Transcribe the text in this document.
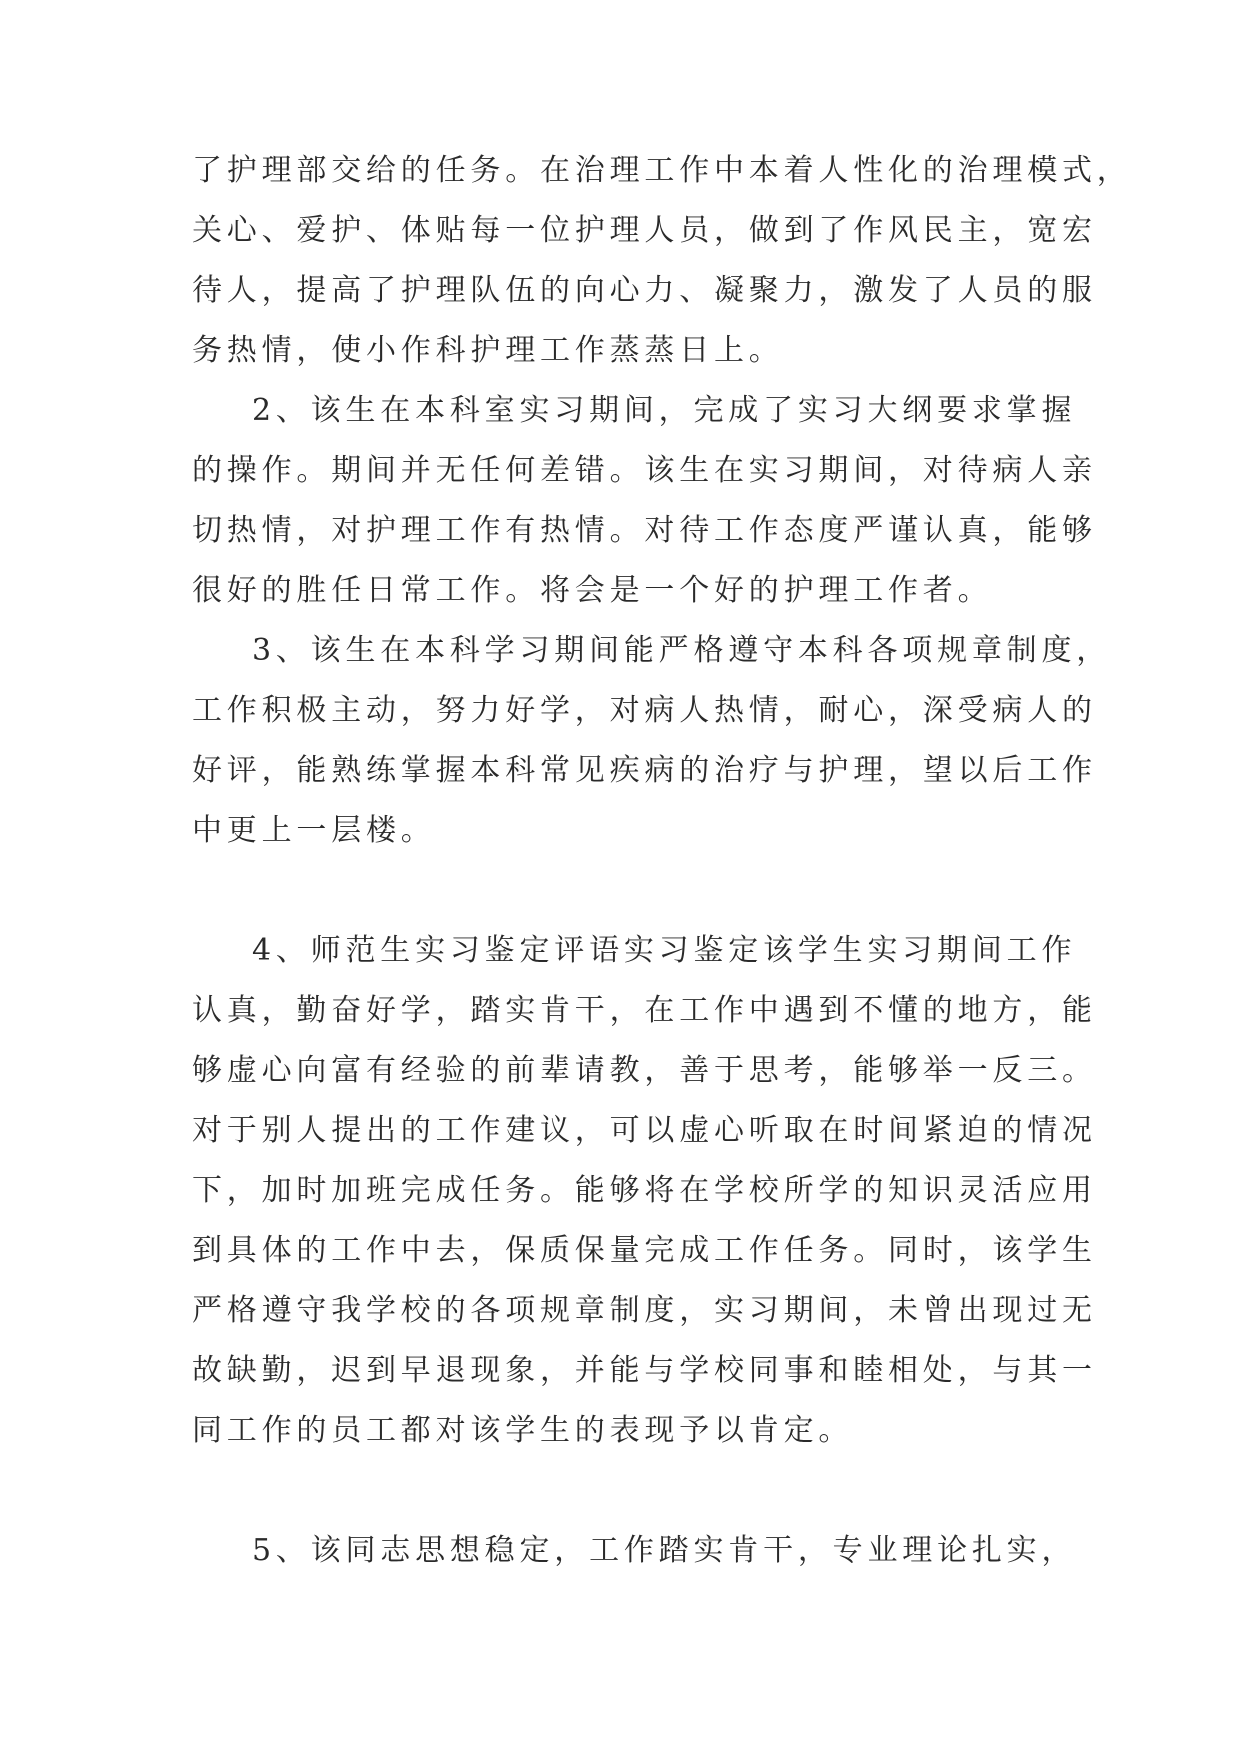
了护理部交给的任务。在治理工作中本着人性化的治理模式，

关心、爱护、体贴每一位护理人员，做到了作风民主，宽宏

待人，提高了护理队伍的向心力、凝聚力，激发了人员的服

务热情，使小作科护理工作蒸蒸日上。

2、该生在本科室实习期间，完成了实习大纲要求掌握

的操作。期间并无任何差错。该生在实习期间，对待病人亲

切热情，对护理工作有热情。对待工作态度严谨认真，能够

很好的胜任日常工作。将会是一个好的护理工作者。

3、该生在本科学习期间能严格遵守本科各项规章制度，

工作积极主动，努力好学，对病人热情，耐心，深受病人的

好评，能熟练掌握本科常见疾病的治疗与护理，望以后工作

中更上一层楼。

4、师范生实习鉴定评语实习鉴定该学生实习期间工作

认真，勤奋好学，踏实肯干，在工作中遇到不懂的地方，能

够虚心向富有经验的前辈请教，善于思考，能够举一反三。

对于别人提出的工作建议，可以虚心听取在时间紧迫的情况

下，加时加班完成任务。能够将在学校所学的知识灵活应用

到具体的工作中去，保质保量完成工作任务。同时，该学生

严格遵守我学校的各项规章制度，实习期间，未曾出现过无

故缺勤，迟到早退现象，并能与学校同事和睦相处，与其一

同工作的员工都对该学生的表现予以肯定。

5、该同志思想稳定，工作踏实肯干，专业理论扎实，
